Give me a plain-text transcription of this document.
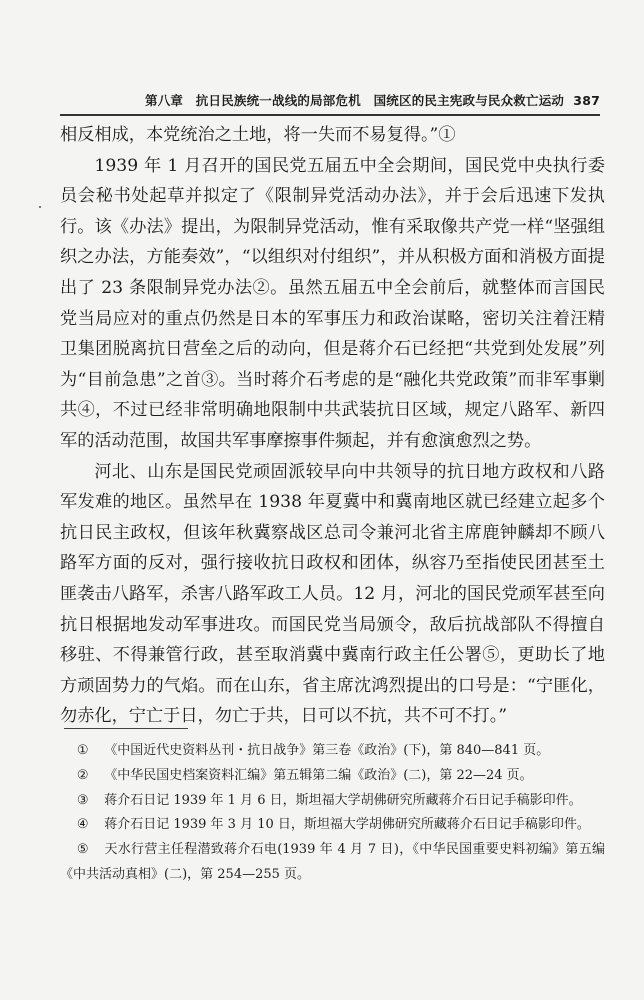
第八章　抗日民族统一战线的局部危机　国统区的民主宪政与民众救亡运动 387

相反相成，本党统治之土地，将一失而不易复得。”①

1939 年 1 月召开的国民党五届五中全会期间，国民党中央执行委员会秘书处起草并拟定了《限制异党活动办法》，并于会后迅速下发执行。该《办法》提出，为限制异党活动，惟有采取像共产党一样“坚强组织之办法，方能奏效”，“以组织对付组织”，并从积极方面和消极方面提出了 23 条限制异党办法②。虽然五届五中全会前后，就整体而言国民党当局应对的重点仍然是日本的军事压力和政治谋略，密切关注着汪精卫集团脱离抗日营垒之后的动向，但是蒋介石已经把“共党到处发展”列为“目前急患”之首③。当时蒋介石考虑的是“融化共党政策”而非军事剿共④，不过已经非常明确地限制中共武装抗日区域，规定八路军、新四军的活动范围，故国共军事摩擦事件频起，并有愈演愈烈之势。

河北、山东是国民党顽固派较早向中共领导的抗日地方政权和八路军发难的地区。虽然早在 1938 年夏冀中和冀南地区就已经建立起多个抗日民主政权，但该年秋冀察战区总司令兼河北省主席鹿钟麟却不顾八路军方面的反对，强行接收抗日政权和团体，纵容乃至指使民团甚至土匪袭击八路军，杀害八路军政工人员。12 月，河北的国民党顽军甚至向抗日根据地发动军事进攻。而国民党当局颁令，敌后抗战部队不得擅自移驻、不得兼管行政，甚至取消冀中冀南行政主任公署⑤，更助长了地方顽固势力的气焰。而在山东，省主席沈鸿烈提出的口号是：“宁匪化，勿赤化，宁亡于日，勿亡于共，日可以不抗，共不可不打。”

① 《中国近代史资料丛刊・抗日战争》第三卷《政治》(下)，第 840—841 页。

② 《中华民国史档案资料汇编》第五辑第二编《政治》(二)，第 22—24 页。

③ 蒋介石日记 1939 年 1 月 6 日，斯坦福大学胡佛研究所藏蒋介石日记手稿影印件。

④ 蒋介石日记 1939 年 3 月 10 日，斯坦福大学胡佛研究所藏蒋介石日记手稿影印件。

⑤ 天水行营主任程潜致蒋介石电(1939 年 4 月 7 日)，《中华民国重要史料初编》第五编《中共活动真相》(二)，第 254—255 页。
